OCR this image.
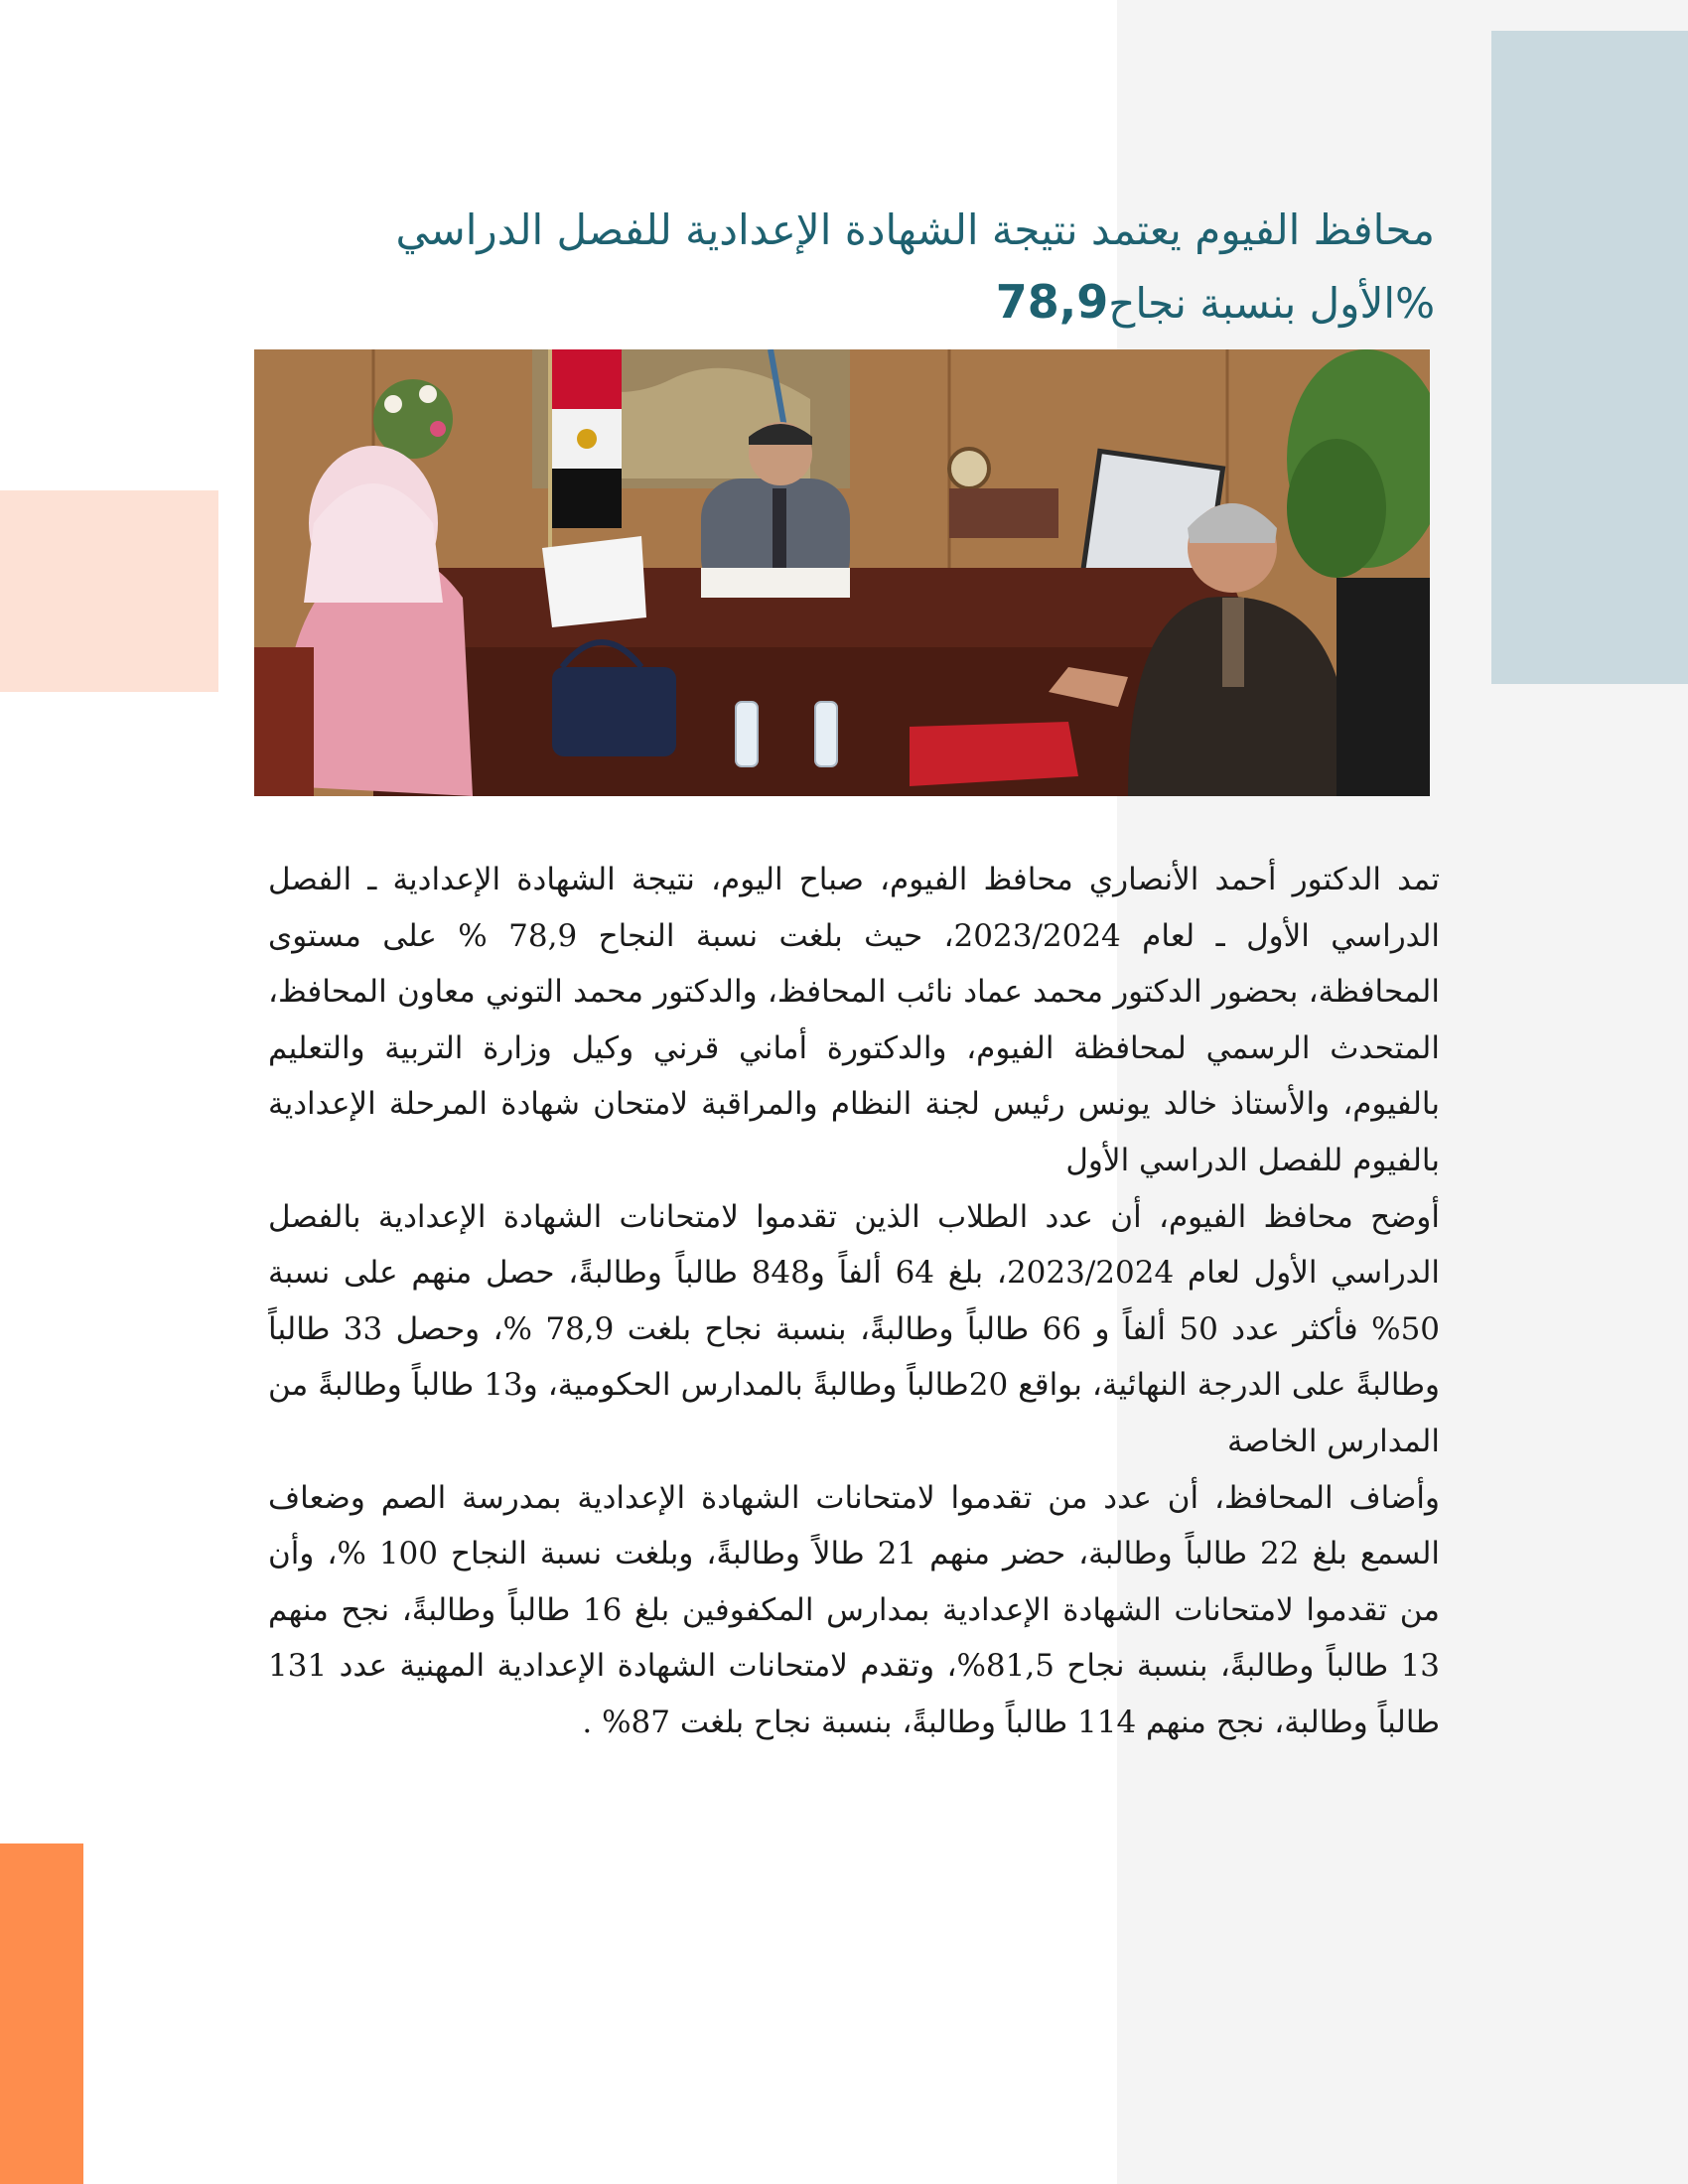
محافظ الفيوم يعتمد نتيجة الشهادة الإعدادية للفصل الدراسي
%الأول بنسبة نجاح78,9

تمد الدكتور أحمد الأنصاري محافظ الفيوم، صباح اليوم، نتيجة الشهادة الإعدادية ـ الفصل الدراسي الأول ـ لعام 2023/2024، حيث بلغت نسبة النجاح 78,9 % على مستوى المحافظة، بحضور الدكتور محمد عماد نائب المحافظ، والدكتور محمد التوني معاون المحافظ، المتحدث الرسمي لمحافظة الفيوم، والدكتورة أماني قرني وكيل وزارة التربية والتعليم بالفيوم، والأستاذ خالد يونس رئيس لجنة النظام والمراقبة لامتحان شهادة المرحلة الإعدادية بالفيوم للفصل الدراسي الأول

أوضح محافظ الفيوم، أن عدد الطلاب الذين تقدموا لامتحانات الشهادة الإعدادية بالفصل الدراسي الأول لعام 2023/2024، بلغ 64 ألفاً و848 طالباً وطالبةً، حصل منهم على نسبة 50% فأكثر عدد 50 ألفاً و 66 طالباً وطالبةً، بنسبة نجاح بلغت 78,9 %، وحصل 33 طالباً وطالبةً على الدرجة النهائية، بواقع 20طالباً وطالبةً بالمدارس الحكومية، و13 طالباً وطالبةً من المدارس الخاصة

وأضاف المحافظ، أن عدد من تقدموا لامتحانات الشهادة الإعدادية بمدرسة الصم وضعاف السمع بلغ 22 طالباً وطالبة، حضر منهم 21 طالاً وطالبةً، وبلغت نسبة النجاح 100 %، وأن من تقدموا لامتحانات الشهادة الإعدادية بمدارس المكفوفين بلغ 16 طالباً وطالبةً، نجح منهم 13 طالباً وطالبةً، بنسبة نجاح 81,5%، وتقدم لامتحانات الشهادة الإعدادية المهنية عدد 131 طالباً وطالبة، نجح منهم 114 طالباً وطالبةً، بنسبة نجاح بلغت 87% .
